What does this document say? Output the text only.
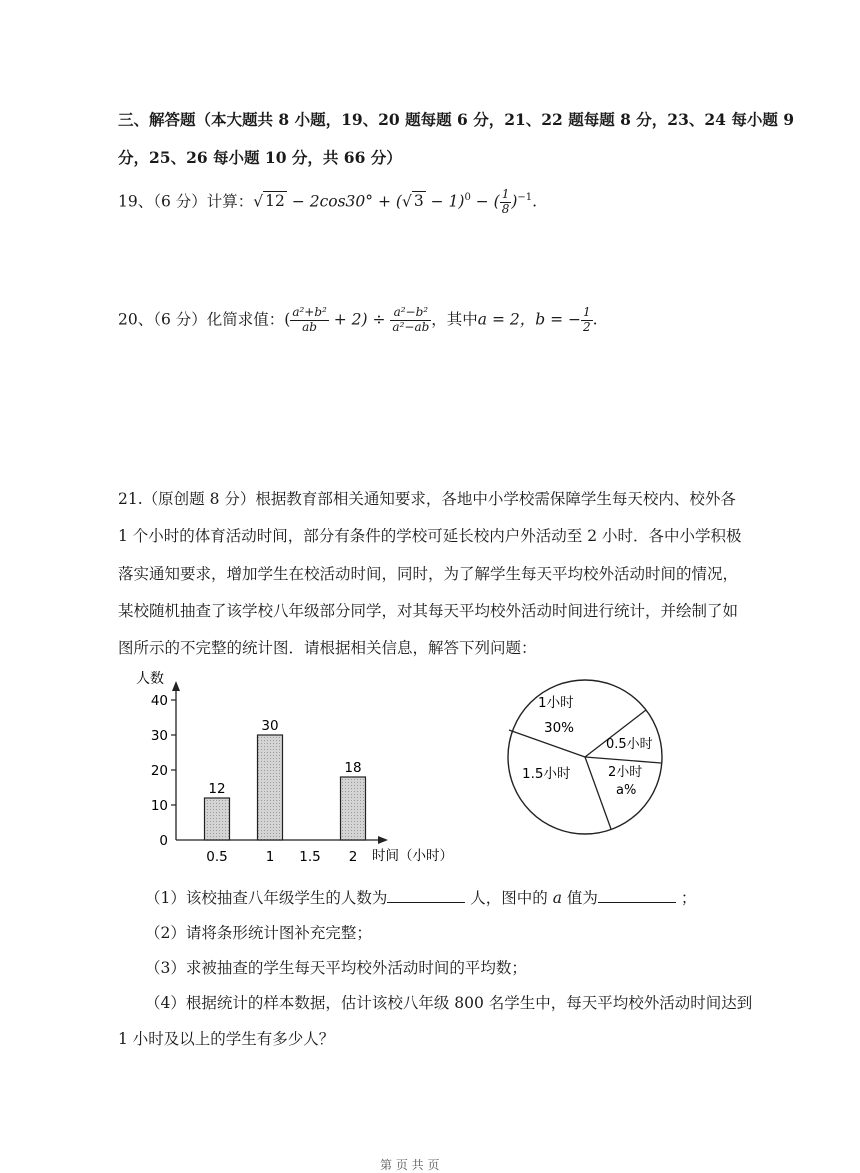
三、解答题（本大题共 8 小题，19、20 题每题 6 分，21、22 题每题 8 分，23、24 每小题 9
分，25、26 每小题 10 分，共 66 分）
19、（6 分）计算：√ 12 − 2cos30° + (√ 3 − 1)$^0$ − ( $\frac{1}{8} )^{-1}$.
20、（6 分）化简求值：( $\frac{\text{a²+b²}}{ab} + 2) \div \frac{\text{a²−b²}}{\text{a²−ab}}$ ，其中a = 2，b = − $\frac{1}{2}$ .
21.（原创题 8 分）根据教育部相关通知要求，各地中小学校需保障学生每天校内、校外各
1 个小时的体育活动时间，部分有条件的学校可延长校内户外活动至 2 小时．各中小学积极
落实通知要求，增加学生在校活动时间，同时，为了解学生每天平均校外活动时间的情况，
某校随机抽查了该学校八年级部分同学，对其每天平均校外活动时间进行统计，并绘制了如
图所示的不完整的统计图．请根据相关信息，解答下列问题：
人数
时间（小时）
0
10
20
30
40
0.5	1 1.5 2
12
30
18
1小时
30%
0.5小时
2小时
a%
1.5小时
（1）该校抽查八年级学生的人数为	人，图中的 a 值为	；
（2）请将条形统计图补充完整；
（3）求被抽查的学生每天平均校外活动时间的平均数；
（4）根据统计的样本数据，估计该校八年级 800 名学生中，每天平均校外活动时间达到
1 小时及以上的学生有多少人？
第 页 共 页
